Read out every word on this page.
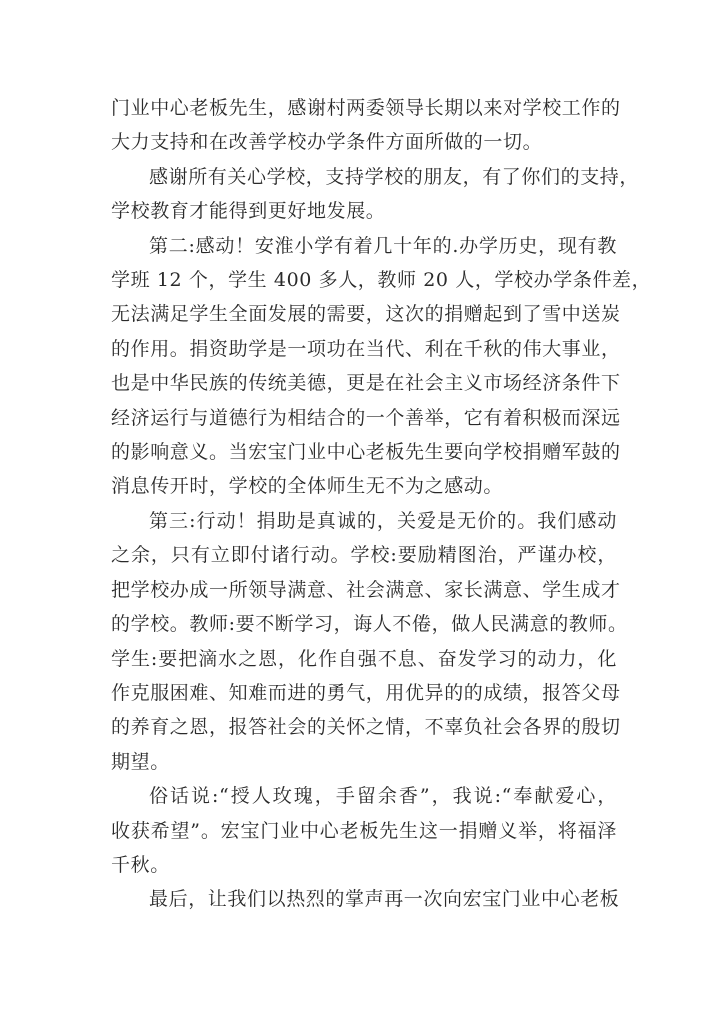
门业中心老板先生，感谢村两委领导长期以来对学校工作的
大力支持和在改善学校办学条件方面所做的一切。
感谢所有关心学校，支持学校的朋友，有了你们的支持，
学校教育才能得到更好地发展。
第二:感动！安淮小学有着几十年的.办学历史，现有教
学班 12 个，学生 400 多人，教师 20 人，学校办学条件差，
无法满足学生全面发展的需要，这次的捐赠起到了雪中送炭
的作用。捐资助学是一项功在当代、利在千秋的伟大事业，
也是中华民族的传统美德，更是在社会主义市场经济条件下
经济运行与道德行为相结合的一个善举，它有着积极而深远
的影响意义。当宏宝门业中心老板先生要向学校捐赠军鼓的
消息传开时，学校的全体师生无不为之感动。
第三:行动！捐助是真诚的，关爱是无价的。我们感动
之余，只有立即付诸行动。学校:要励精图治，严谨办校，
把学校办成一所领导满意、社会满意、家长满意、学生成才
的学校。教师:要不断学习，诲人不倦，做人民满意的教师。
学生:要把滴水之恩，化作自强不息、奋发学习的动力，化
作克服困难、知难而进的勇气，用优异的的成绩，报答父母
的养育之恩，报答社会的关怀之情，不辜负社会各界的殷切
期望。
俗话说:“授人玫瑰，手留余香”，我说:“奉献爱心，
收获希望”。宏宝门业中心老板先生这一捐赠义举，将福泽
千秋。
最后，让我们以热烈的掌声再一次向宏宝门业中心老板
